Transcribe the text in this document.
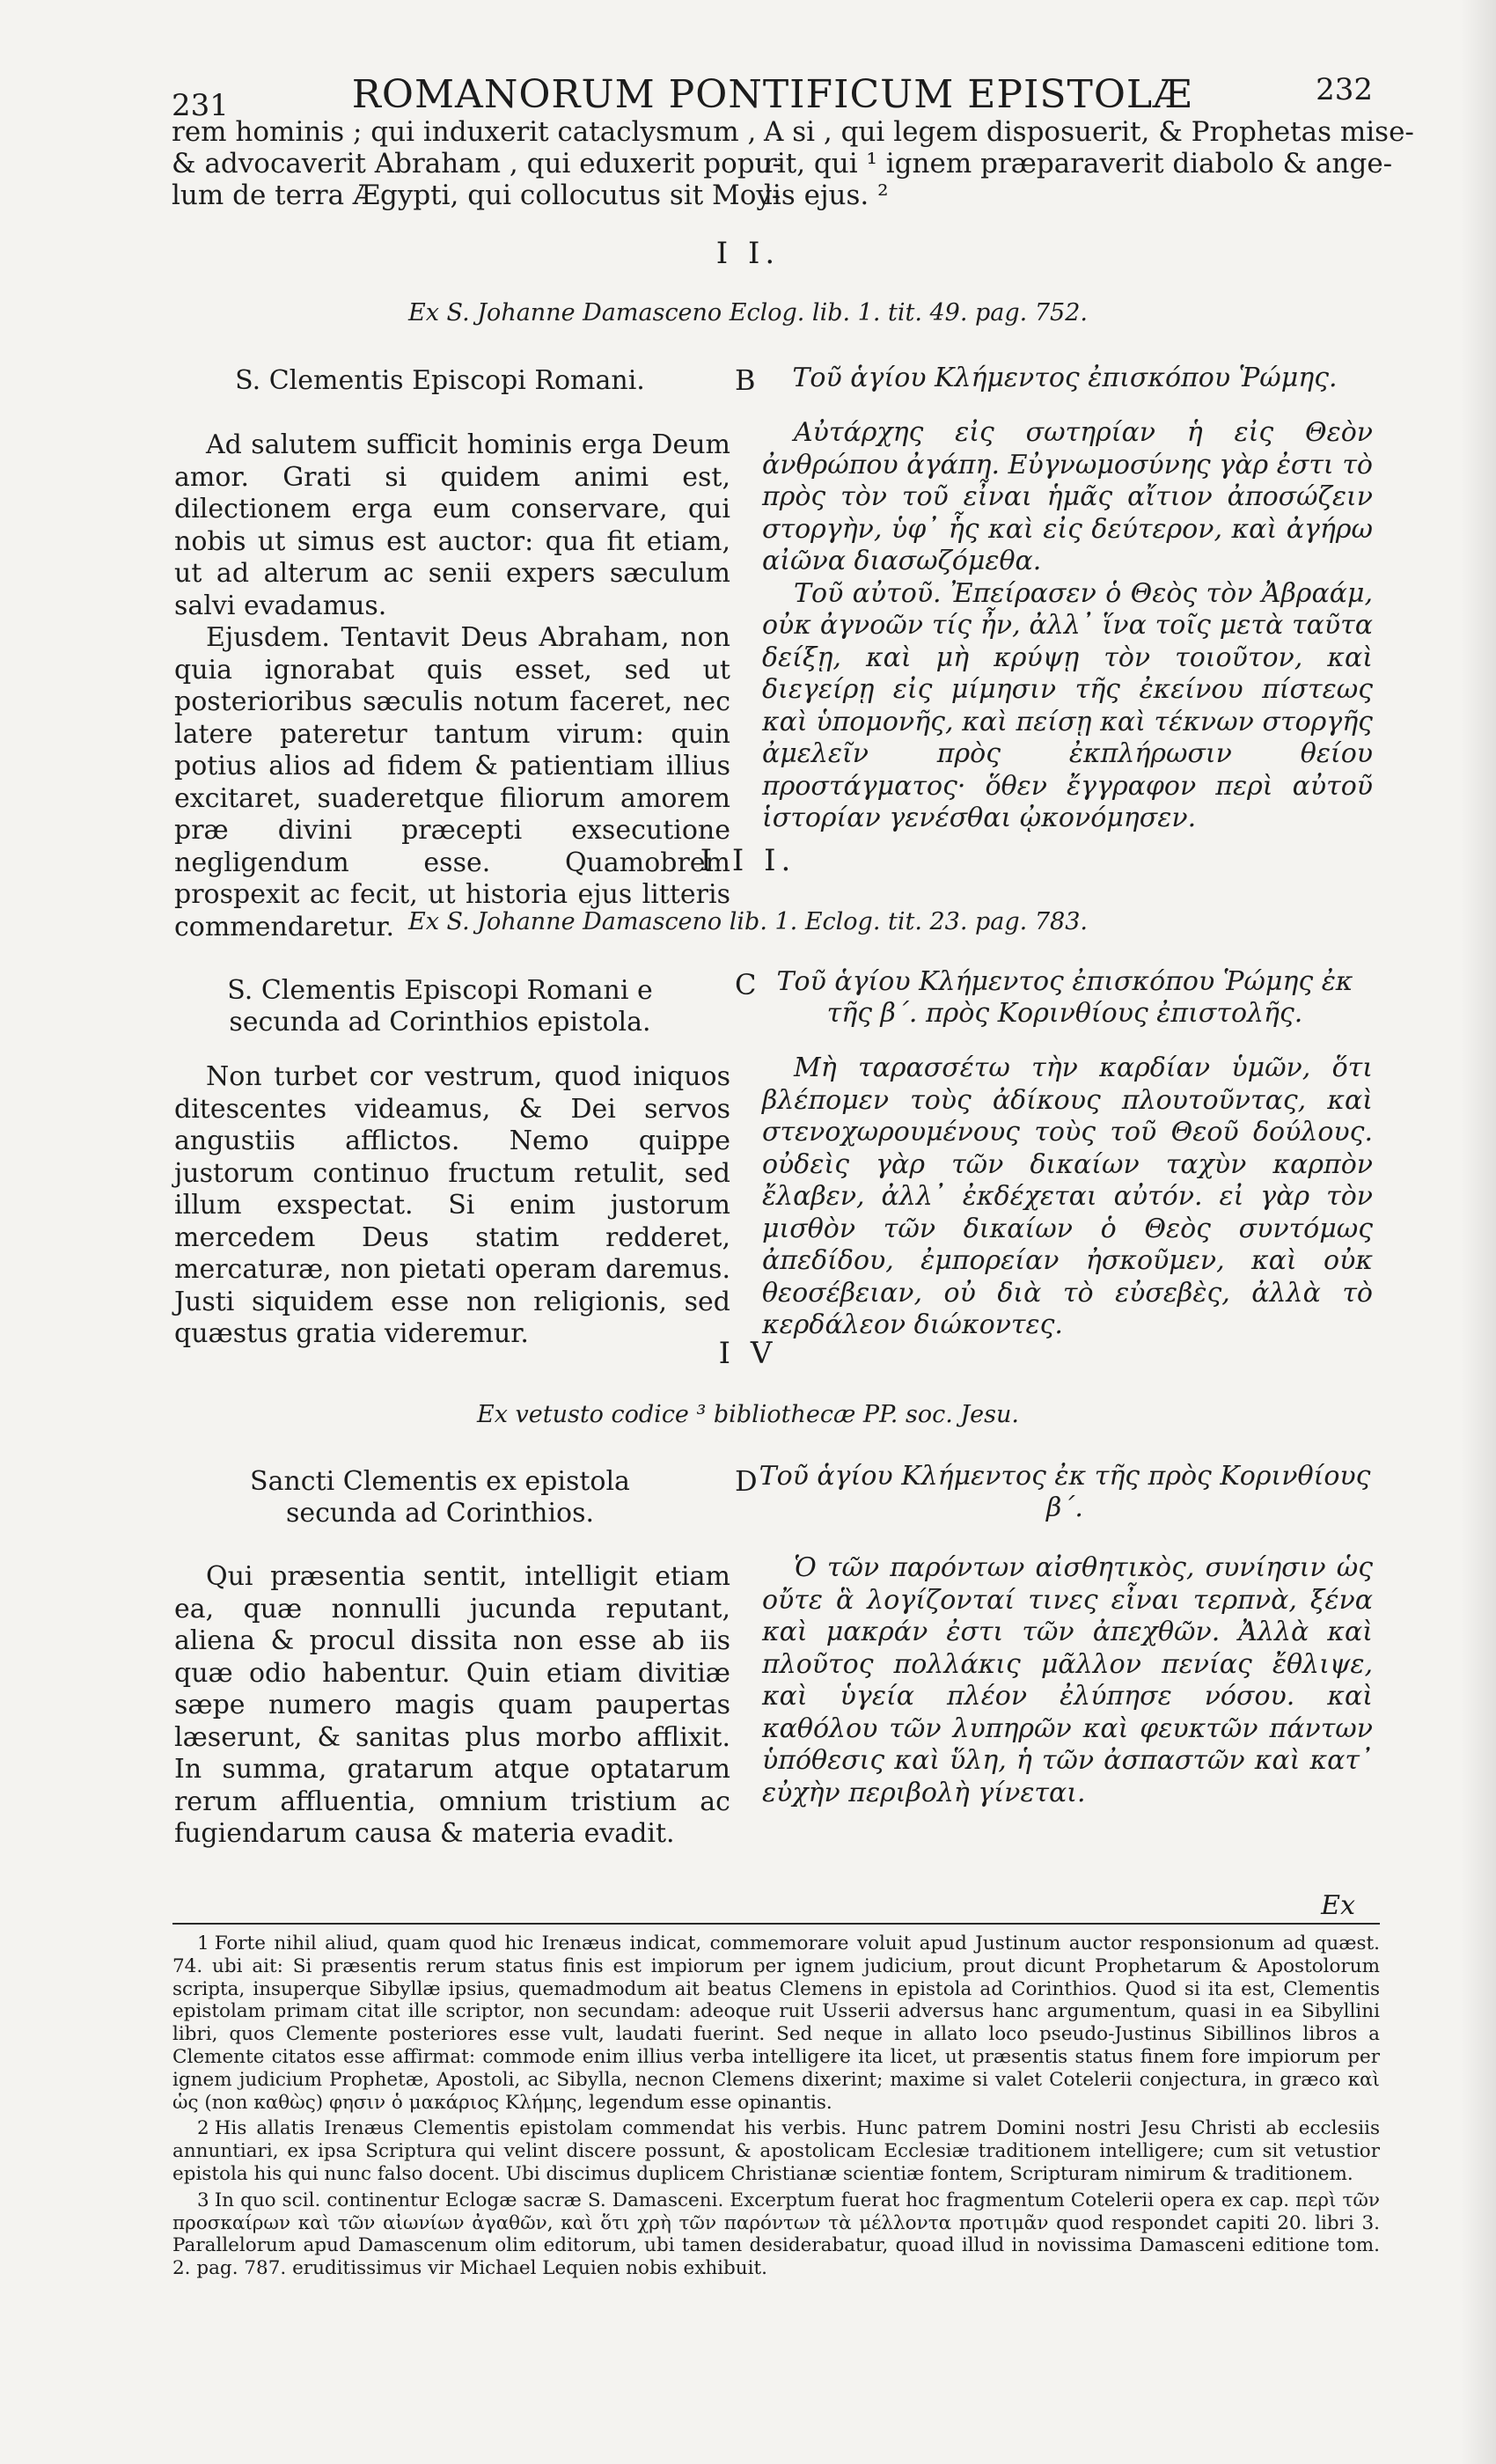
231	ROMANORUM PONTIFICUM EPISTOLÆ	232
rem hominis ; qui induxerit cataclysmum ,
& advocaverit Abraham , qui eduxerit popu-
lum de terra Ægypti, qui collocutus sit Moy-
A si , qui legem disposuerit, & Prophetas mise-
rit, qui ¹ ignem præparaverit diabolo & ange-
lis ejus. ²
I I.
Ex S. Johanne Damasceno Eclog. lib. 1. tit. 49. pag. 752.
S. Clementis Episcopi Romani.	B	Τοῦ ἁγίου Κλήμεντος ἐπισκόπου Ῥώμης.

Ad salutem sufficit hominis erga Deum amor. Grati si quidem animi est, dilectionem erga eum conservare, qui nobis ut simus est auctor: qua fit etiam, ut ad alterum ac senii expers sæculum salvi evadamus.

Ejusdem. Tentavit Deus Abraham, non quia ignorabat quis esset, sed ut posterioribus sæculis notum faceret, nec latere pateretur tantum virum: quin potius alios ad fidem & patientiam illius excitaret, suaderetque filiorum amorem præ divini præcepti exsecutione negligendum esse. Quamobrem prospexit ac fecit, ut historia ejus litteris commendaretur.

Αὐτάρχης εἰς σωτηρίαν ἡ εἰς Θεὸν ἀνθρώπου ἀγάπη. Εὐγνωμοσύνης γὰρ ἐστι τὸ πρὸς τὸν τοῦ εἶναι ἡμᾶς αἴτιον ἀποσώζειν στοργὴν, ὑφ᾽ ἧς καὶ εἰς δεύτερον, καὶ ἀγήρω αἰῶνα διασωζόμεθα.

Τοῦ αὐτοῦ. Ἐπείρασεν ὁ Θεὸς τὸν Ἀβραάμ, οὐκ ἀγνοῶν τίς ἦν, ἀλλ᾽ ἵνα τοῖς μετὰ ταῦτα δείξῃ, καὶ μὴ κρύψῃ τὸν τοιοῦτον, καὶ διεγείρῃ εἰς μίμησιν τῆς ἐκείνου πίστεως καὶ ὑπομονῆς, καὶ πείσῃ καὶ τέκνων στοργῆς ἀμελεῖν πρὸς ἐκπλήρωσιν θείου προστάγματος· ὅθεν ἔγγραφον περὶ αὐτοῦ ἱστορίαν γενέσθαι ᾠκονόμησεν.

I I I.
Ex S. Johanne Damasceno lib. 1. Eclog. tit. 23. pag. 783.
S. Clementis Episcopi Romani e secunda ad Corinthios epistola.
C Τοῦ ἁγίου Κλήμεντος ἐπισκόπου Ῥώμης ἐκ τῆς β´. πρὸς Κορινθίους ἐπιστολῆς.

Non turbet cor vestrum, quod iniquos ditescentes videamus, & Dei servos angustiis afflictos. Nemo quippe justorum continuo fructum retulit, sed illum exspectat. Si enim justorum mercedem Deus statim redderet, mercaturæ, non pietati operam daremus. Justi siquidem esse non religionis, sed quæstus gratia videremur.

Μὴ ταρασσέτω τὴν καρδίαν ὑμῶν, ὅτι βλέπομεν τοὺς ἀδίκους πλουτοῦντας, καὶ στενοχωρουμένους τοὺς τοῦ Θεοῦ δούλους. οὐδεὶς γὰρ τῶν δικαίων ταχὺν καρπὸν ἔλαβεν, ἀλλ᾽ ἐκδέχεται αὐτόν. εἰ γὰρ τὸν μισθὸν τῶν δικαίων ὁ Θεὸς συντόμως ἀπεδίδου, ἐμπορείαν ἠσκοῦμεν, καὶ οὐκ θεοσέβειαν, οὐ διὰ τὸ εὐσεβὲς, ἀλλὰ τὸ κερδάλεον διώκοντες.

I V
Ex vetusto codice ³ bibliothecæ PP. soc. Jesu.
Sancti Clementis ex epistola secunda ad Corinthios.
D Τοῦ ἁγίου Κλήμεντος ἐκ τῆς πρὸς Κορινθίους β´.

Qui præsentia sentit, intelligit etiam ea, quæ nonnulli jucunda reputant, aliena & procul dissita non esse ab iis quæ odio habentur. Quin etiam divitiæ sæpe numero magis quam paupertas læserunt, & sanitas plus morbo afflixit. In summa, gratarum atque optatarum rerum affluentia, omnium tristium ac fugiendarum causa & materia evadit.

Ὁ τῶν παρόντων αἰσθητικὸς, συνίησιν ὡς οὔτε ἃ λογίζονταί τινες εἶναι τερπνὰ, ξένα καὶ μακράν ἐστι τῶν ἀπεχθῶν. Ἀλλὰ καὶ πλοῦτος πολλάκις μᾶλλον πενίας ἔθλιψε, καὶ ὑγεία πλέον ἐλύπησε νόσου. καὶ καθόλου τῶν λυπηρῶν καὶ φευκτῶν πάντων ὑπόθεσις καὶ ὕλη, ἡ τῶν ἀσπαστῶν καὶ κατ᾽ εὐχὴν περιβολὴ γίνεται.

Ex

1 Forte nihil aliud, quam quod hic Irenæus indicat, commemorare voluit apud Justinum auctor responsionum ad quæst. 74. ubi ait: Si præsentis rerum status finis est impiorum per ignem judicium, prout dicunt Prophetarum & Apostolorum scripta, insuperque Sibyllæ ipsius, quemadmodum ait beatus Clemens in epistola ad Corinthios. Quod si ita est, Clementis epistolam primam citat ille scriptor, non secundam: adeoque ruit Usserii adversus hanc argumentum, quasi in ea Sibyllini libri, quos Clemente posteriores esse vult, laudati fuerint. Sed neque in allato loco pseudo-Justinus Sibillinos libros a Clemente citatos esse affirmat: commode enim illius verba intelligere ita licet, ut præsentis status finem fore impiorum per ignem judicium Prophetæ, Apostoli, ac Sibylla, necnon Clemens dixerint; maxime si valet Cotelerii conjectura, in græco καὶ ὡς (non καθὼς) φησιν ὁ μακάριος Κλήμης, legendum esse opinantis.

2 His allatis Irenæus Clementis epistolam commendat his verbis. Hunc patrem Domini nostri Jesu Christi ab ecclesiis annuntiari, ex ipsa Scriptura qui velint discere possunt, & apostolicam Ecclesiæ traditionem intelligere; cum sit vetustior epistola his qui nunc falso docent. Ubi discimus duplicem Christianæ scientiæ fontem, Scripturam nimirum & traditionem.

3 In quo scil. continentur Eclogæ sacræ S. Damasceni. Excerptum fuerat hoc fragmentum Cotelerii opera ex cap. περὶ τῶν προσκαίρων καὶ τῶν αἰωνίων ἀγαθῶν, καὶ ὅτι χρὴ τῶν παρόντων τὰ μέλλοντα προτιμᾶν quod respondet capiti 20. libri 3. Parallelorum apud Damascenum olim editorum, ubi tamen desiderabatur, quoad illud in novissima Damasceni editione tom. 2. pag. 787. eruditissimus vir Michael Lequien nobis exhibuit.
